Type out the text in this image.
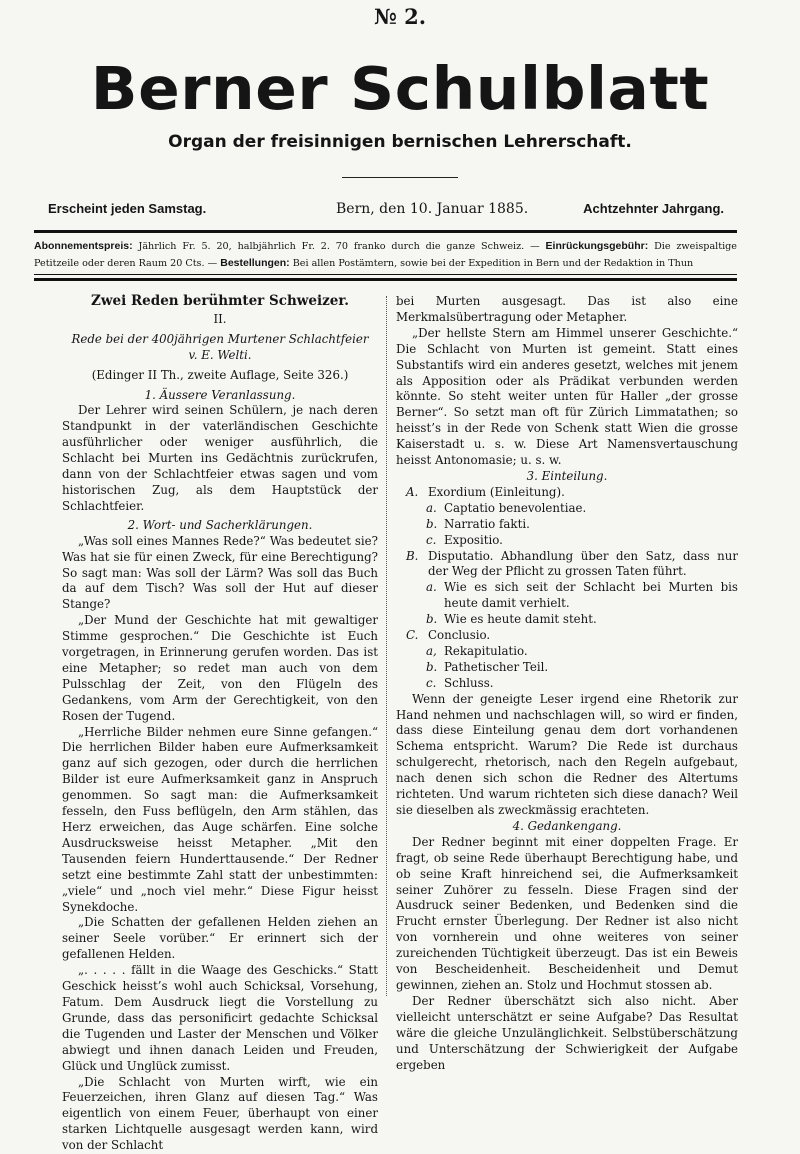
№ 2.
Berner Schulblatt
Organ der freisinnigen bernischen Lehrerschaft.
Erscheint jeden Samstag.	Bern, den 10. Januar 1885.	Achtzehnter Jahrgang.
Abonnementspreis: Jährlich Fr. 5. 20, halbjährlich Fr. 2. 70 franko durch die ganze Schweiz. — Einrückungsgebühr: Die zweispaltige Petitzeile oder deren Raum 20 Cts. — Bestellungen: Bei allen Postämtern, sowie bei der Expedition in Bern und der Redaktion in Thun

Zwei Reden berühmter Schweizer.

II.

Rede bei der 400jährigen Murtener Schlachtfeier

v. E. Welti.

(Edinger II Th., zweite Auflage, Seite 326.)

1. Äussere Veranlassung.

Der Lehrer wird seinen Schülern, je nach deren Standpunkt in der vaterländischen Geschichte ausführlicher oder weniger ausführlich, die Schlacht bei Murten ins Gedächtnis zurückrufen, dann von der Schlachtfeier etwas sagen und vom historischen Zug, als dem Hauptstück der Schlachtfeier.

2. Wort- und Sacherklärungen.

„Was soll eines Mannes Rede?“ Was bedeutet sie? Was hat sie für einen Zweck, für eine Berechtigung? So sagt man: Was soll der Lärm? Was soll das Buch da auf dem Tisch? Was soll der Hut auf dieser Stange?

„Der Mund der Geschichte hat mit gewaltiger Stimme gesprochen.“ Die Geschichte ist Euch vorgetragen, in Erinnerung gerufen worden. Das ist eine Metapher; so redet man auch von dem Pulsschlag der Zeit, von den Flügeln des Gedankens, vom Arm der Gerechtigkeit, von den Rosen der Tugend.

„Herrliche Bilder nehmen eure Sinne gefangen.“ Die herrlichen Bilder haben eure Aufmerksamkeit ganz auf sich gezogen, oder durch die herrlichen Bilder ist eure Aufmerksamkeit ganz in Anspruch genommen. So sagt man: die Aufmerksamkeit fesseln, den Fuss beflügeln, den Arm stählen, das Herz erweichen, das Auge schärfen. Eine solche Ausdrucksweise heisst Metapher. „Mit den Tausenden feiern Hunderttausende.“ Der Redner setzt eine bestimmte Zahl statt der unbestimmten: „viele“ und „noch viel mehr.“ Diese Figur heisst Synekdoche.

„Die Schatten der gefallenen Helden ziehen an seiner Seele vorüber.“ Er erinnert sich der gefallenen Helden.

„. . . . . fällt in die Waage des Geschicks.“ Statt Geschick heisst’s wohl auch Schicksal, Vorsehung, Fatum. Dem Ausdruck liegt die Vorstellung zu Grunde, dass das personificirt gedachte Schicksal die Tugenden und Laster der Menschen und Völker abwiegt und ihnen danach Leiden und Freuden, Glück und Unglück zumisst.

„Die Schlacht von Murten wirft, wie ein Feuerzeichen, ihren Glanz auf diesen Tag.“ Was eigentlich von einem Feuer, überhaupt von einer starken Lichtquelle ausgesagt werden kann, wird von der Schlacht

bei Murten ausgesagt. Das ist also eine Merkmalsübertragung oder Metapher.

„Der hellste Stern am Himmel unserer Geschichte.“ Die Schlacht von Murten ist gemeint. Statt eines Substantifs wird ein anderes gesetzt, welches mit jenem als Apposition oder als Prädikat verbunden werden könnte. So steht weiter unten für Haller „der grosse Berner“. So setzt man oft für Zürich Limmatathen; so heisst’s in der Rede von Schenk statt Wien die grosse Kaiserstadt u. s. w. Diese Art Namensvertauschung heisst Antonomasie; u. s. w.

3. Einteilung.

A. Exordium (Einleitung).
a. Captatio benevolentiae.
b. Narratio fakti.
c. Expositio.
B. Disputatio. Abhandlung über den Satz, dass nur der Weg der Pflicht zu grossen Taten führt.
a. Wie es sich seit der Schlacht bei Murten bis heute damit verhielt.
b. Wie es heute damit steht.
C. Conclusio.
a, Rekapitulatio.
b. Pathetischer Teil.
c. Schluss.

Wenn der geneigte Leser irgend eine Rhetorik zur Hand nehmen und nachschlagen will, so wird er finden, dass diese Einteilung genau dem dort vorhandenen Schema entspricht. Warum? Die Rede ist durchaus schulgerecht, rhetorisch, nach den Regeln aufgebaut, nach denen sich schon die Redner des Altertums richteten. Und warum richteten sich diese danach? Weil sie dieselben als zweckmässig erachteten.

4. Gedankengang.

Der Redner beginnt mit einer doppelten Frage. Er fragt, ob seine Rede überhaupt Berechtigung habe, und ob seine Kraft hinreichend sei, die Aufmerksamkeit seiner Zuhörer zu fesseln. Diese Fragen sind der Ausdruck seiner Bedenken, und Bedenken sind die Frucht ernster Überlegung. Der Redner ist also nicht von vornherein und ohne weiteres von seiner zureichenden Tüchtigkeit überzeugt. Das ist ein Beweis von Bescheidenheit. Bescheidenheit und Demut gewinnen, ziehen an. Stolz und Hochmut stossen ab.

Der Redner überschätzt sich also nicht. Aber vielleicht unterschätzt er seine Aufgabe? Das Resultat wäre die gleiche Unzulänglichkeit. Selbstüberschätzung und Unterschätzung der Schwierigkeit der Aufgabe ergeben
